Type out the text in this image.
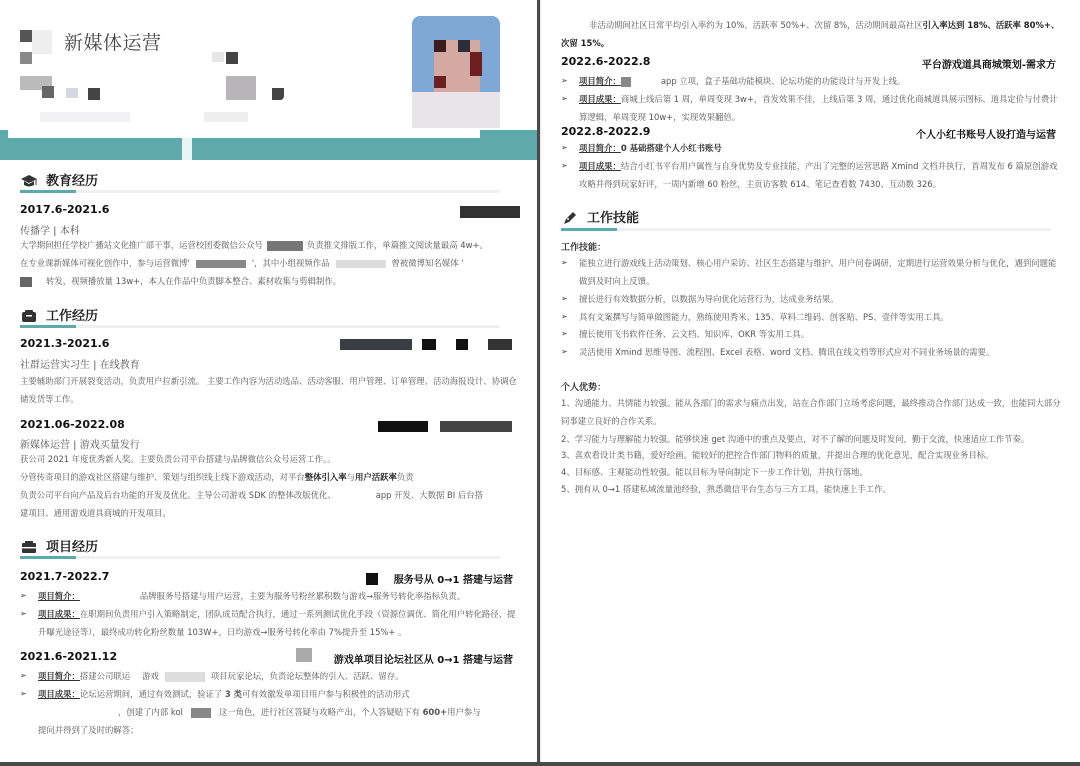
新媒体运营
教育经历
2017.6-2021.6
传播学 | 本科
大学期间担任学校广播站文化推广部干事，运营校团委微信公众号	负责推文排版工作，单篇推文阅读量最高 4w+。
在专业课新媒体可视化创作中，参与运营微博'	'，其中小组视频作品	曾被微博知名媒体 '
转发，视频播放量 13w+，本人在作品中负责脚本整合、素材收集与剪辑制作。
工作经历
2021.3-2021.6
社群运营实习生 | 在线教育
主要辅助部门开展裂变活动，负责用户拉新引流。 主要工作内容为活动选品、活动客服、用户管理、订单管理、活动海报设计、协调仓储发货等工作。
2021.06-2022.08
新媒体运营 | 游戏买量发行
获公司 2021 年度优秀新人奖。主要负责公司平台搭建与品牌微信公众号运营工作。。
分管传奇项目的游戏社区搭建与维护、策划与组织线上线下游戏活动，对平台整体引入率与用户活跃率负责
负责公司平台向产品及后台功能的开发及优化。主导公司游戏 SDK 的整体改版优化、	app 开发、大数据 BI 后台搭
建项目、通用游戏道具商城的开发项目。
项目经历
2021.7-2022.7	服务号从 0→1 搭建与运营
➢ 项目简介：	品牌服务号搭建与用户运营，主要为服务号粉丝累积数与游戏→服务号转化率指标负责。
➢ 项目成果：在职期间负责用户引入策略制定，团队成员配合执行，通过一系列测试优化手段（资源位调优、简化用户转化路径、提升曝光途径等），最终成功转化粉丝数量 103W+，日均游戏→服务号转化率由 7%提升至 15%+ 。
2021.6-2021.12	游戏单项目论坛社区从 0→1 搭建与运营
➢ 项目简介：搭建公司联运 游戏	项目玩家论坛，负责论坛整体的引入、活跃、留存。
➢ 项目成果：论坛运营期间，通过有效测试，验证了 3 类可有效激发单项目用户参与积极性的活动形式
，创建了内部 kol	这一角色，进行社区答疑与攻略产出，个人答疑贴下有 600+用户参与
提问并得到了及时的解答；
非活动期间社区日常平均引入率约为 10%、活跃率 50%+、次留 8%，活动期间最高社区引入率达到 18%、活跃率 80%+、次留 15%。
2022.6-2022.8	平台游戏道具商城策划-需求方
➢ 项目简介：	app 立项，盒子基础功能模块、论坛功能的功能设计与开发上线。
➢ 项目成果：商城上线后第 1 周，单周变现 3w+，首发效果不佳，上线后第 3 周，通过优化商城道具展示图标、道具定价与付费计算逻辑，单周变现 10w+，实现效果翻倍。
2022.8-2022.9	个人小红书账号人设打造与运营
➢ 项目简介：0 基础搭建个人小红书账号
➢ 项目成果：结合小红书平台用户属性与自身优势及专业技能，产出了完整的运营思路 Xmind 文档并执行，首周发布 6 篇原创游戏攻略并得到玩家好评，一周内新增 60 粉丝，主页访客数 614、笔记查看数 7430、互动数 326。
工作技能
工作技能：
➢ 能独立进行游戏线上活动策划、核心用户采访、社区生态搭建与维护、用户问卷调研，定期进行运营效果分析与优化，遇到问题能做到及时向上反馈。
➢ 擅长进行有效数据分析，以数据为导向优化运营行为，达成业务结果。
➢ 具有文案撰写与简单做图能力，熟练使用秀米、135、草料二维码、创客贴、PS、壹伴等实用工具。
➢ 擅长使用飞书软件任务、云文档、知识库、OKR 等实用工具。
➢ 灵活使用 Xmind 思维导图、流程图、Excel 表格、word 文档、腾讯在线文档等形式应对不同业务场景的需要。
个人优势：
1、沟通能力、共情能力较强。能从各部门的需求与痛点出发，站在合作部门立场考虑问题，最终推动合作部门达成一致，也能同大部分同事建立良好的合作关系。
2、学习能力与理解能力较强。能够快速 get 沟通中的重点及要点，对不了解的问题及时发问，勤于交流，快速适应工作节奏。
3、喜欢看设计类书籍，爱好绘画。能较好的把控合作部门物料的质量，并提出合理的优化意见，配合实现业务目标。
4、目标感、主观能动性较强。能以目标为导向制定下一步工作计划，并执行落地。
5、拥有从 0→1 搭建私域流量池经验，熟悉微信平台生态与三方工具，能快速上手工作。
